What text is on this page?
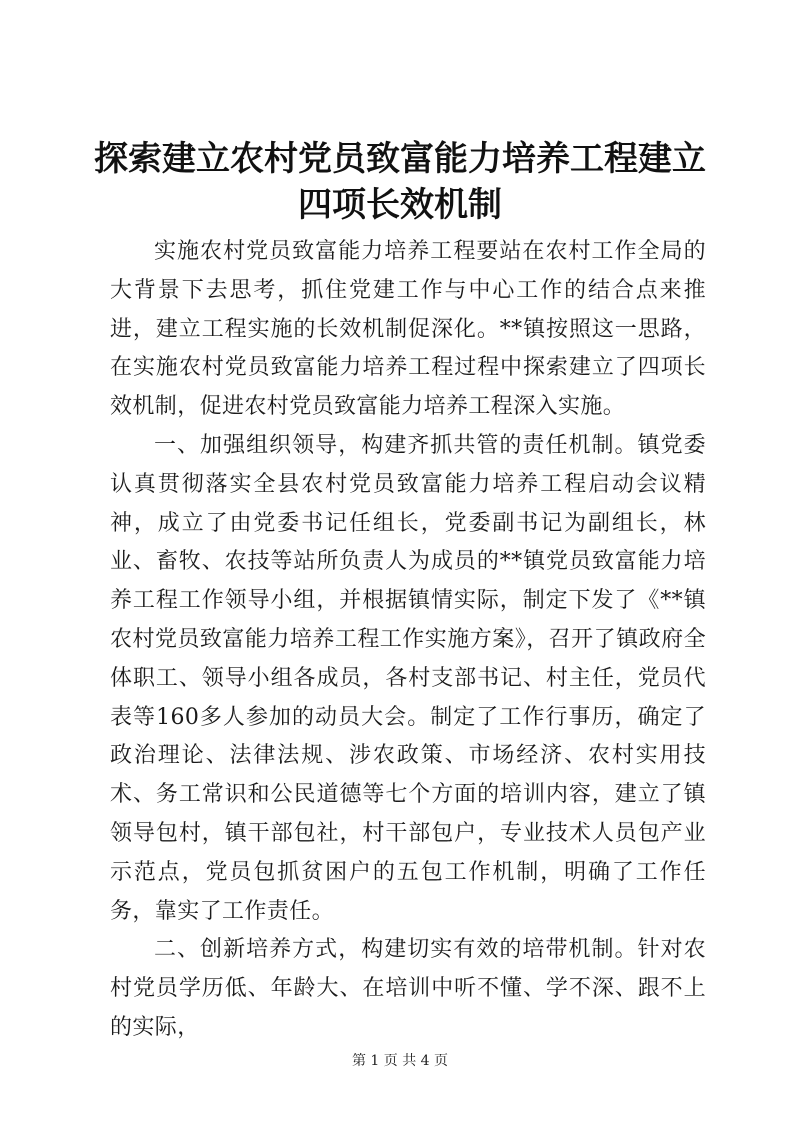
探索建立农村党员致富能力培养工程建立四项长效机制

实施农村党员致富能力培养工程要站在农村工作全局的大背景下去思考，抓住党建工作与中心工作的结合点来推进，建立工程实施的长效机制促深化。**镇按照这一思路，在实施农村党员致富能力培养工程过程中探索建立了四项长效机制，促进农村党员致富能力培养工程深入实施。

一、加强组织领导，构建齐抓共管的责任机制。镇党委认真贯彻落实全县农村党员致富能力培养工程启动会议精神，成立了由党委书记任组长，党委副书记为副组长，林业、畜牧、农技等站所负责人为成员的**镇党员致富能力培养工程工作领导小组，并根据镇情实际，制定下发了《**镇农村党员致富能力培养工程工作实施方案》，召开了镇政府全体职工、领导小组各成员，各村支部书记、村主任，党员代表等160多人参加的动员大会。制定了工作行事历，确定了政治理论、法律法规、涉农政策、市场经济、农村实用技术、务工常识和公民道德等七个方面的培训内容，建立了镇领导包村，镇干部包社，村干部包户，专业技术人员包产业示范点，党员包抓贫困户的五包工作机制，明确了工作任务，靠实了工作责任。

二、创新培养方式，构建切实有效的培带机制。针对农村党员学历低、年龄大、在培训中听不懂、学不深、跟不上的实际，

第 1 页 共 4 页
